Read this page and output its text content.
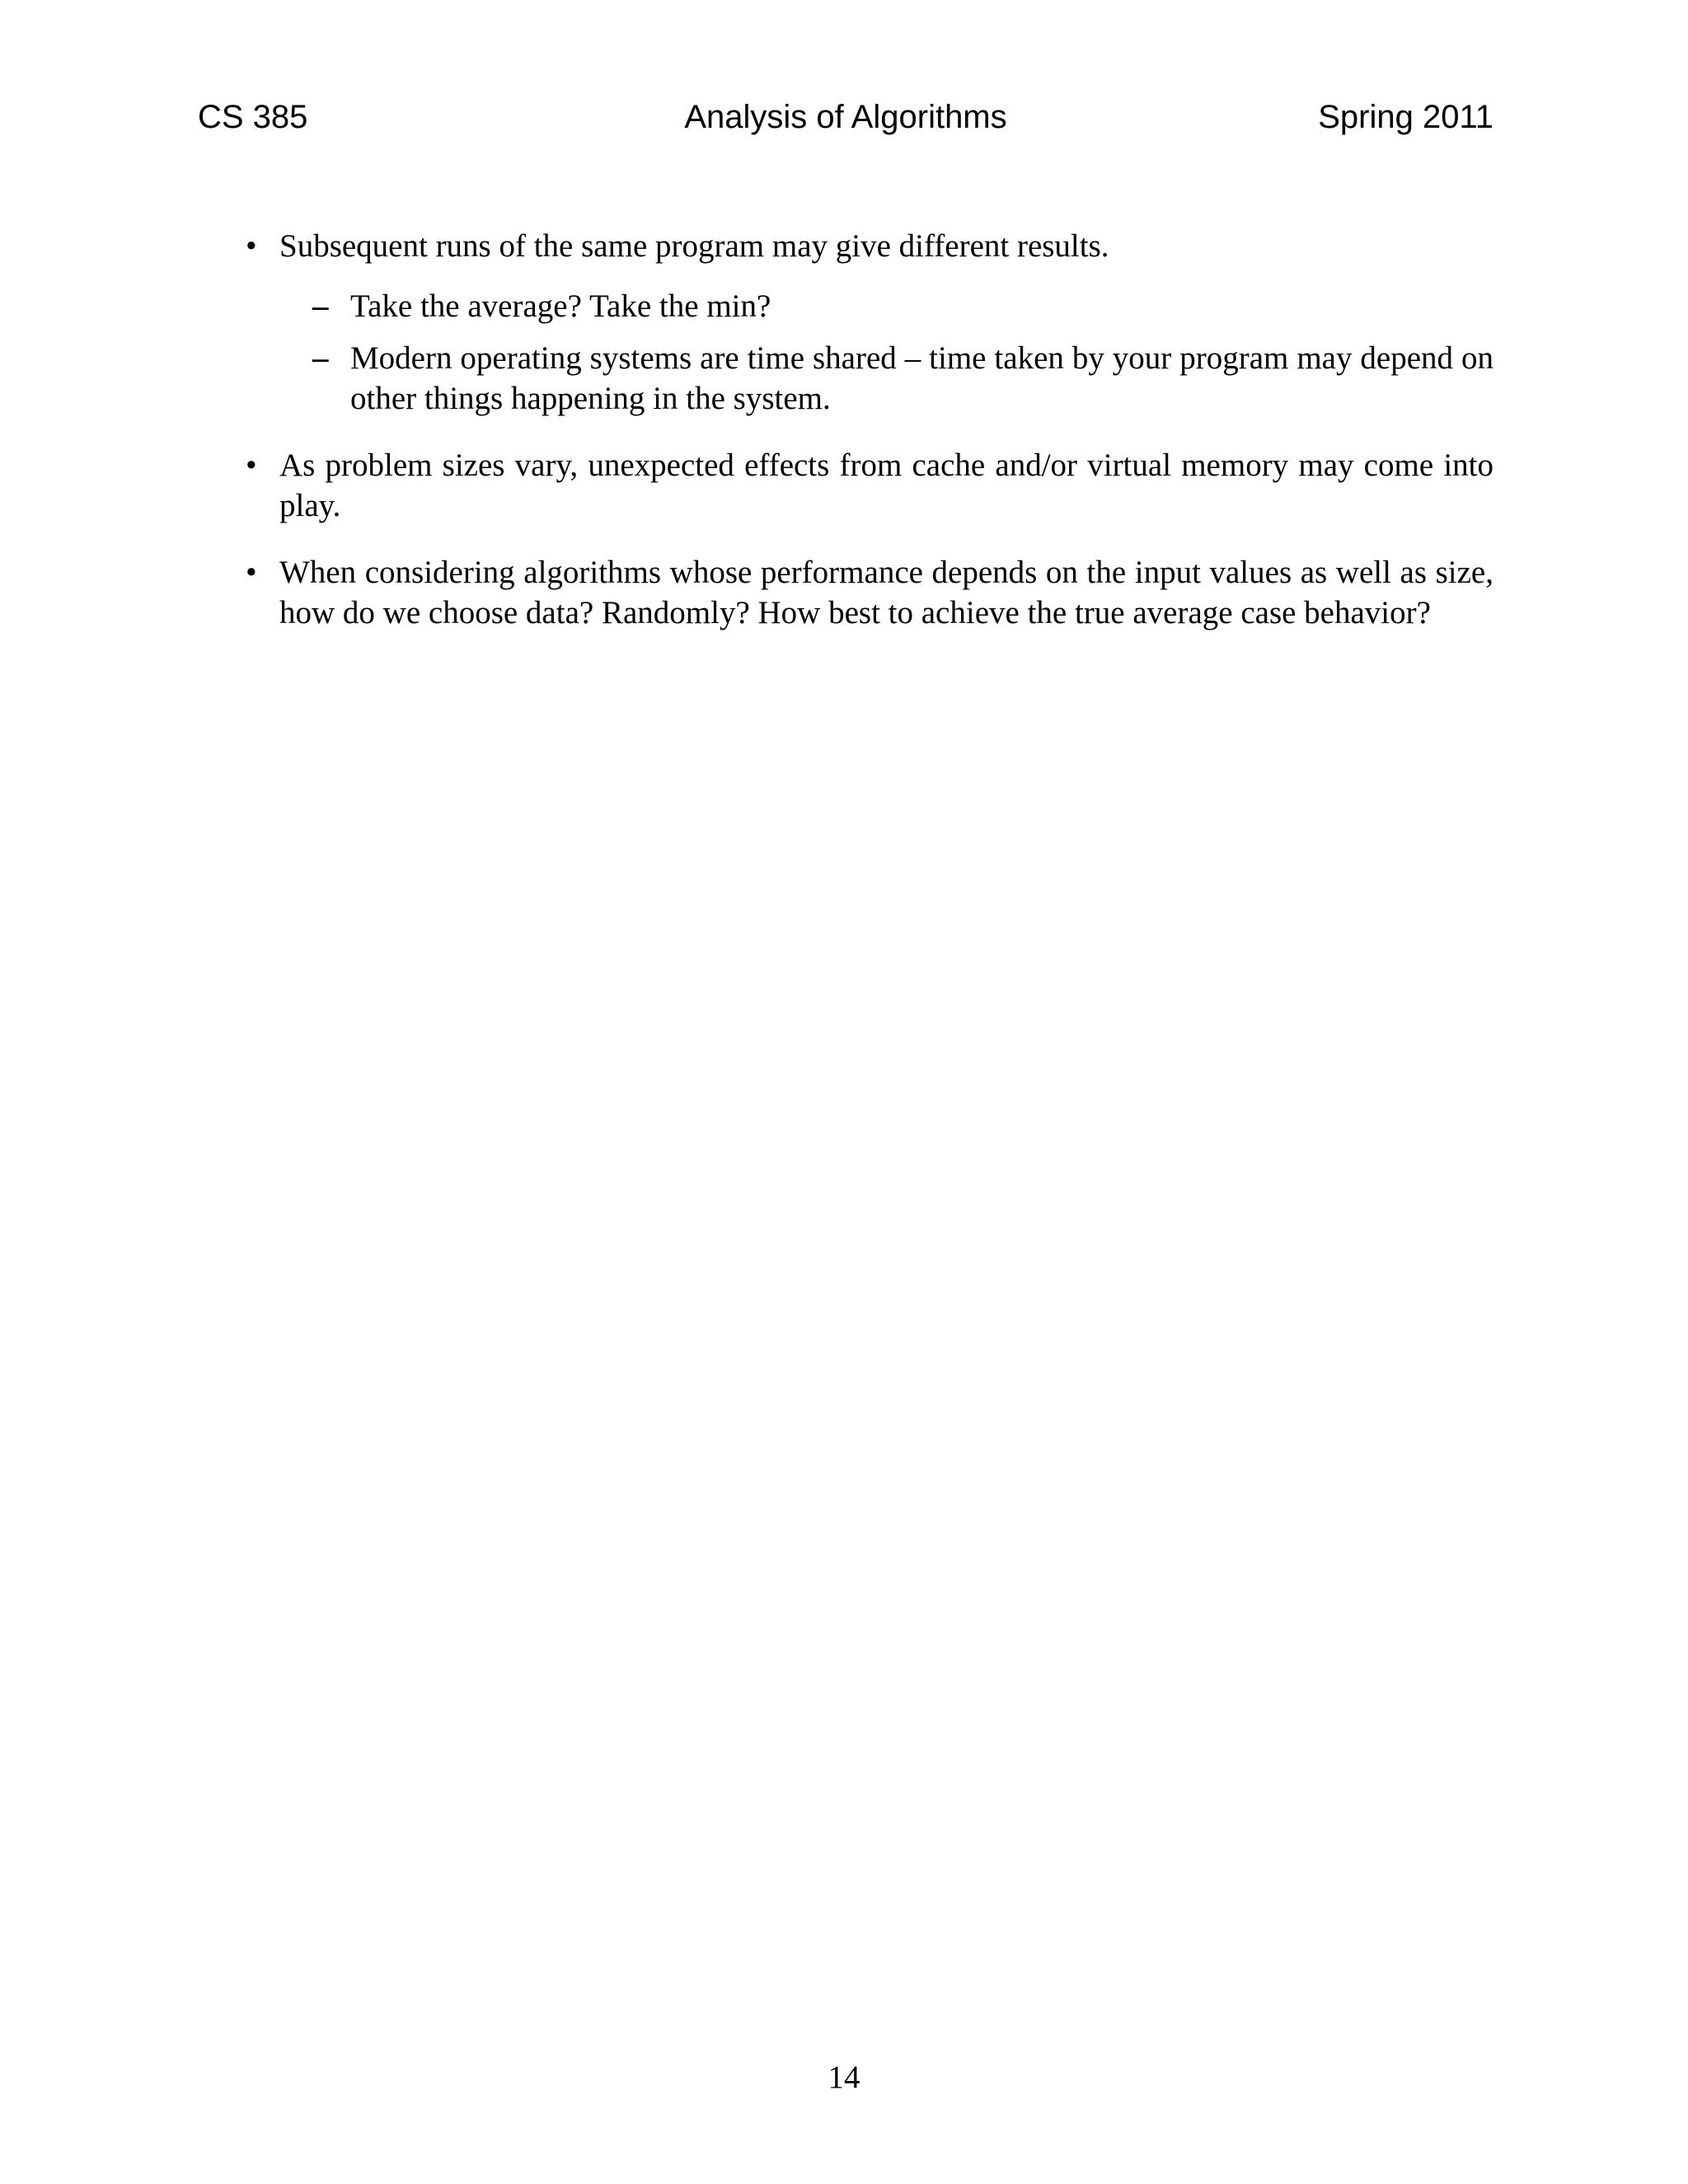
CS 385	Analysis of Algorithms	Spring 2011
• Subsequent runs of the same program may give different results.
– Take the average? Take the min?
– Modern operating systems are time shared – time taken by your program may depend on other things happening in the system.
• As problem sizes vary, unexpected effects from cache and/or virtual memory may come into play.
• When considering algorithms whose performance depends on the input values as well as size, how do we choose data? Randomly? How best to achieve the true average case behavior?
14
